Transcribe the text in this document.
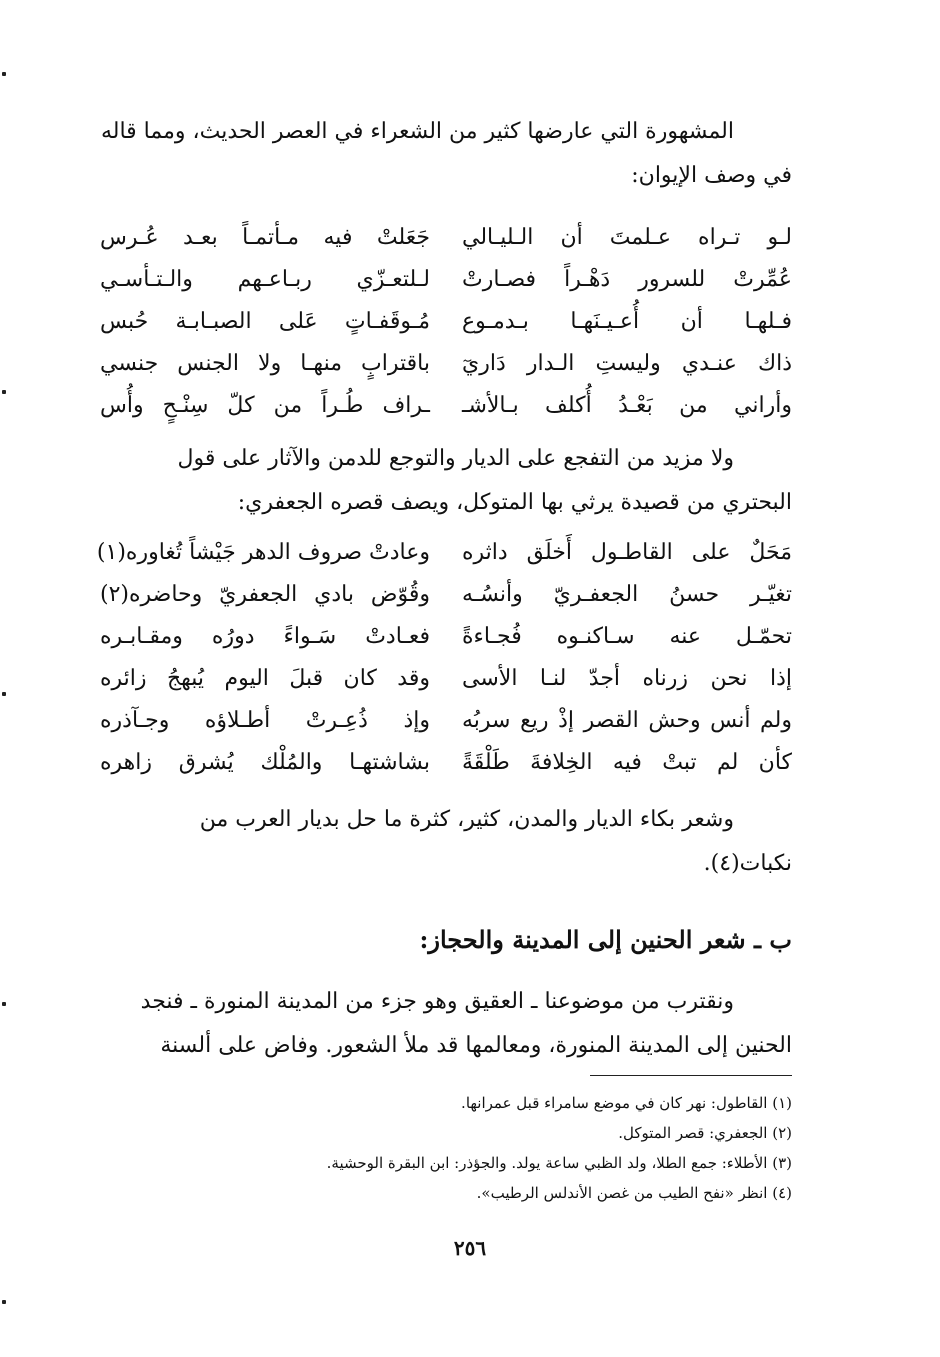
المشهورة التي عارضها كثير من الشعراء في العصر الحديث، ومما قاله

في وصف الإيوان:

لـو تـراه عـلمتَ أن الـليـالي
جَعَلتْ فيه مـأتمـاً بعـد عُـرس
عُمِّرتْ للسرور دَهْـراً فصـارتْ
لـلتعـزّي ربـاعـهم والـتـأسـي
فـلهـا أن أُعـيـنَهـا بـدمـوع
مُـوقَفـاتٍ عَلى الصبـابـة حُبس
ذاك عنـدي وليستِ الـدار دَاريٓ
باقترابٍ منهـا ولا الجنس جنسي
وأراني من بَعْـدُ أُكلف بـالأشـ
ـراف طُـراً من كلّ سِنْـحٍ وأُس

ولا مزيد من التفجع على الديار والتوجع للدمن والآثار على قول

البحتري من قصيدة يرثي بها المتوكل، ويصف قصره الجعفري:

مَحَلٌ على القاطـول أَخلَق داثره
وعادتْ صروف الدهر جَيْشاً تُغاوره(١)
تغيّـر حسنُ الجعفـريّ وأنسُـه
وقُوّض بادي الجعفريّ وحاضره(٢)
تحمّـل عنه سـاكنـوه فُجـاءةً
فعـادتْ سَـواءً دورُه ومقـابـره
إذا نحن زرناه أجدّ لنـا الأسى
وقد كان قبلَ اليوم يُبهجُ زائره
ولم أنس وحش القصر إذْ ريع سربُه
وإذ ذُعِـرتْ أطـلاؤه وجـآذره
كأن لم تبتْ فيه الخِلافةَ طَلْقَةً
بشاشتهـا والمُلْك يُشرق زاهره

وشعر بكاء الديار والمدن، كثير، كثرة ما حل بديار العرب من

نكبات(٤).

ب ـ شعر الحنين إلى المدينة والحجاز:

ونقترب من موضوعنا ـ العقيق وهو جزء من المدينة المنورة ـ فنجد

الحنين إلى المدينة المنورة، ومعالمها قد ملأ الشعور. وفاض على ألسنة

(١) القاطول: نهر كان في موضع سامراء قبل عمرانها.
(٢) الجعفري: قصر المتوكل.
(٣) الأطلاء: جمع الطلا، ولد الظبي ساعة يولد. والجؤذر: ابن البقرة الوحشية.
(٤) انظر «نفح الطيب من غصن الأندلس الرطيب».
٢٥٦
